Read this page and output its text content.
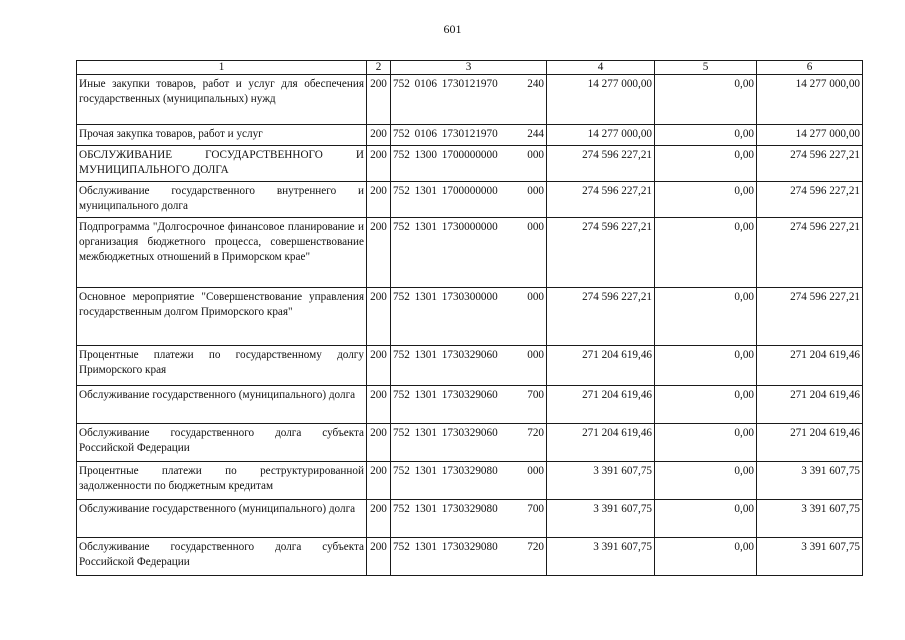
601
1	2	3	4	5	6
Иные закупки товаров, работ и услуг для обеспечения государственных (муниципальных) нужд	200	752 0106 1730121970 240	14 277 000,00	0,00	14 277 000,00
Прочая закупка товаров, работ и услуг	200	752 0106 1730121970 244	14 277 000,00	0,00	14 277 000,00
ОБСЛУЖИВАНИЕ ГОСУДАРСТВЕННОГО И МУНИЦИПАЛЬНОГО ДОЛГА	200	752 1300 1700000000 000	274 596 227,21	0,00	274 596 227,21
Обслуживание государственного внутреннего и муниципального долга	200	752 1301 1700000000 000	274 596 227,21	0,00	274 596 227,21
Подпрограмма "Долгосрочное финансовое планирование и организация бюджетного процесса, совершенствование межбюджетных отношений в Приморском крае"	200	752 1301 1730000000 000	274 596 227,21	0,00	274 596 227,21
Основное мероприятие "Совершенствование управления государственным долгом Приморского края"	200	752 1301 1730300000 000	274 596 227,21	0,00	274 596 227,21
Процентные платежи по государственному долгу Приморского края	200	752 1301 1730329060 000	271 204 619,46	0,00	271 204 619,46
Обслуживание государственного (муниципального) долга	200	752 1301 1730329060 700	271 204 619,46	0,00	271 204 619,46
Обслуживание государственного долга субъекта Российской Федерации	200	752 1301 1730329060 720	271 204 619,46	0,00	271 204 619,46
Процентные платежи по реструктурированной задолженности по бюджетным кредитам	200	752 1301 1730329080 000	3 391 607,75	0,00	3 391 607,75
Обслуживание государственного (муниципального) долга	200	752 1301 1730329080 700	3 391 607,75	0,00	3 391 607,75
Обслуживание государственного долга субъекта Российской Федерации	200	752 1301 1730329080 720	3 391 607,75	0,00	3 391 607,75
